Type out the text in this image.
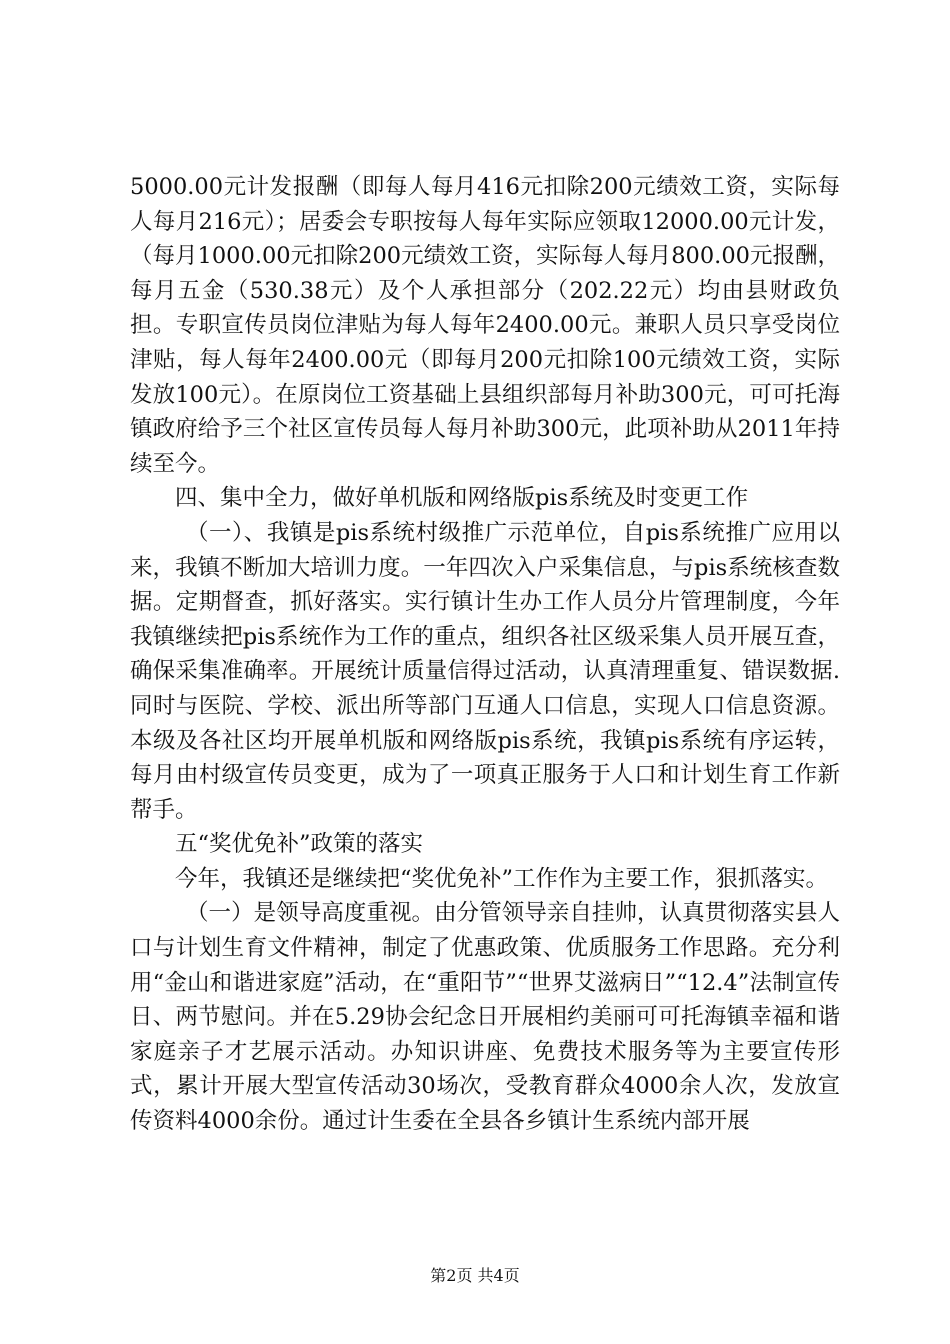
5000.00元计发报酬（即每人每月416元扣除200元绩效工资，实际每人每月216元）；居委会专职按每人每年实际应领取12000.00元计发，（每月1000.00元扣除200元绩效工资，实际每人每月800.00元报酬，每月五金（530.38元）及个人承担部分（202.22元）均由县财政负担。专职宣传员岗位津贴为每人每年2400.00元。兼职人员只享受岗位津贴，每人每年2400.00元（即每月200元扣除100元绩效工资，实际发放100元）。在原岗位工资基础上县组织部每月补助300元，可可托海镇政府给予三个社区宣传员每人每月补助300元，此项补助从2011年持续至今。

四、集中全力，做好单机版和网络版pis系统及时变更工作

（一）、我镇是pis系统村级推广示范单位，自pis系统推广应用以来，我镇不断加大培训力度。一年四次入户采集信息，与pis系统核查数据。定期督查，抓好落实。实行镇计生办工作人员分片管理制度，今年我镇继续把pis系统作为工作的重点，组织各社区级采集人员开展互查，确保采集准确率。开展统计质量信得过活动，认真清理重复、错误数据.同时与医院、学校、派出所等部门互通人口信息，实现人口信息资源。本级及各社区均开展单机版和网络版pis系统，我镇pis系统有序运转，每月由村级宣传员变更，成为了一项真正服务于人口和计划生育工作新帮手。

五“奖优免补”政策的落实

今年，我镇还是继续把“奖优免补”工作作为主要工作，狠抓落实。

（一）是领导高度重视。由分管领导亲自挂帅，认真贯彻落实县人口与计划生育文件精神，制定了优惠政策、优质服务工作思路。充分利用“金山和谐进家庭”活动，在“重阳节”“世界艾滋病日”“12.4”法制宣传日、两节慰问。并在5.29协会纪念日开展相约美丽可可托海镇幸福和谐家庭亲子才艺展示活动。办知识讲座、免费技术服务等为主要宣传形式，累计开展大型宣传活动30场次，受教育群众4000余人次，发放宣传资料4000余份。通过计生委在全县各乡镇计生系统内部开展

第2页 共4页
